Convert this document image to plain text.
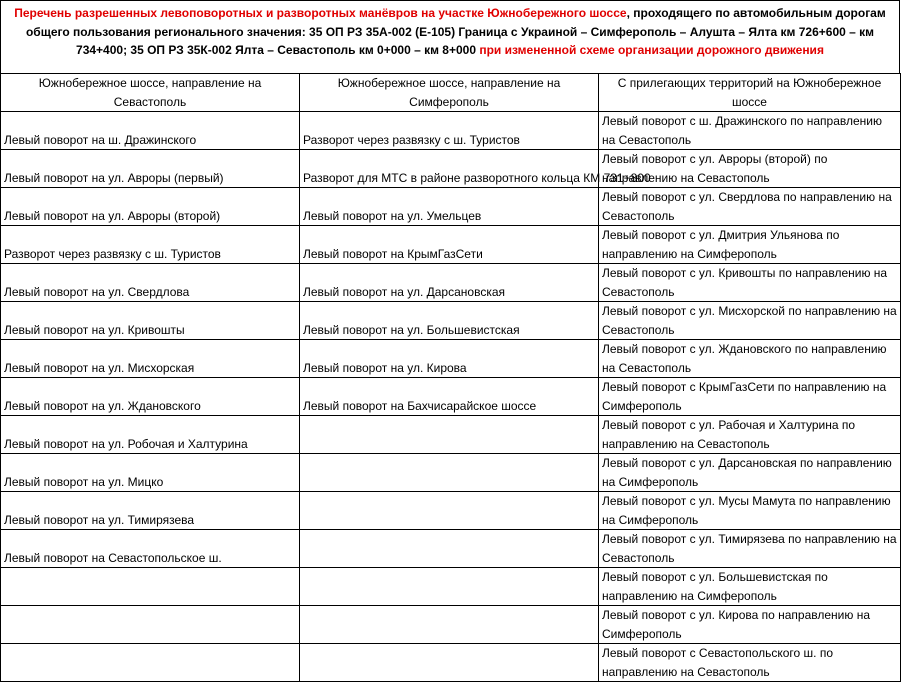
Перечень разрешенных левоповоротных и разворотных манёвров на участке Южнобережного шоссе, проходящего по автомобильным дорогам общего пользования регионального значения: 35 ОП РЗ 35А-002 (Е-105) Граница с Украиной – Симферополь – Алушта – Ялта км 726+600 – км 734+400; 35 ОП РЗ 35К-002 Ялта – Севастополь км 0+000 – км 8+000 при измененной схеме организации дорожного движения
Южнобережное шоссе, направление на Севастополь	Южнобережное шоссе, направление на Симферополь	С прилегающих территорий на Южнобережное шоссе
Левый поворот на ш. Дражинского	Разворот через развязку с ш. Туристов	Левый поворот с ш. Дражинского по направлению на Севастополь
Левый поворот на ул. Авроры (первый)	Разворот для МТС в районе разворотного кольца КМ 731+800	Левый поворот с ул. Авроры (второй) по направлению на Севастополь
Левый поворот на ул. Авроры (второй)	Левый поворот на ул. Умельцев	Левый поворот с ул. Свердлова по направлению на Севастополь
Разворот через развязку с ш. Туристов	Левый поворот на КрымГазСети	Левый поворот с ул. Дмитрия Ульянова по направлению на Симферополь
Левый поворот на ул. Свердлова	Левый поворот на ул. Дарсановская	Левый поворот с ул. Кривошты по направлению на Севастополь
Левый поворот на ул. Кривошты	Левый поворот на ул. Большевистская	Левый поворот с ул. Мисхорской по направлению на Севастополь
Левый поворот на ул. Мисхорская	Левый поворот на ул. Кирова	Левый поворот с ул. Ждановского по направлению на Севастополь
Левый поворот на ул. Ждановского	Левый поворот на Бахчисарайское шоссе	Левый поворот с КрымГазСети по направлению на Симферополь
Левый поворот на ул. Робочая и Халтурина		Левый поворот с ул. Рабочая и Халтурина по направлению на Севастополь
Левый поворот на ул. Мицко		Левый поворот с ул. Дарсановская по направлению на Симферополь
Левый поворот на ул. Тимирязева		Левый поворот с ул. Мусы Мамута по направлению на Симферополь
Левый поворот на Севастопольское ш.		Левый поворот с ул. Тимирязева по направлению на Севастополь
		Левый поворот с ул. Большевистская по направлению на Симферополь
		Левый поворот с ул. Кирова по направлению на Симферополь
		Левый поворот с Севастопольского ш. по направлению на Севастополь
